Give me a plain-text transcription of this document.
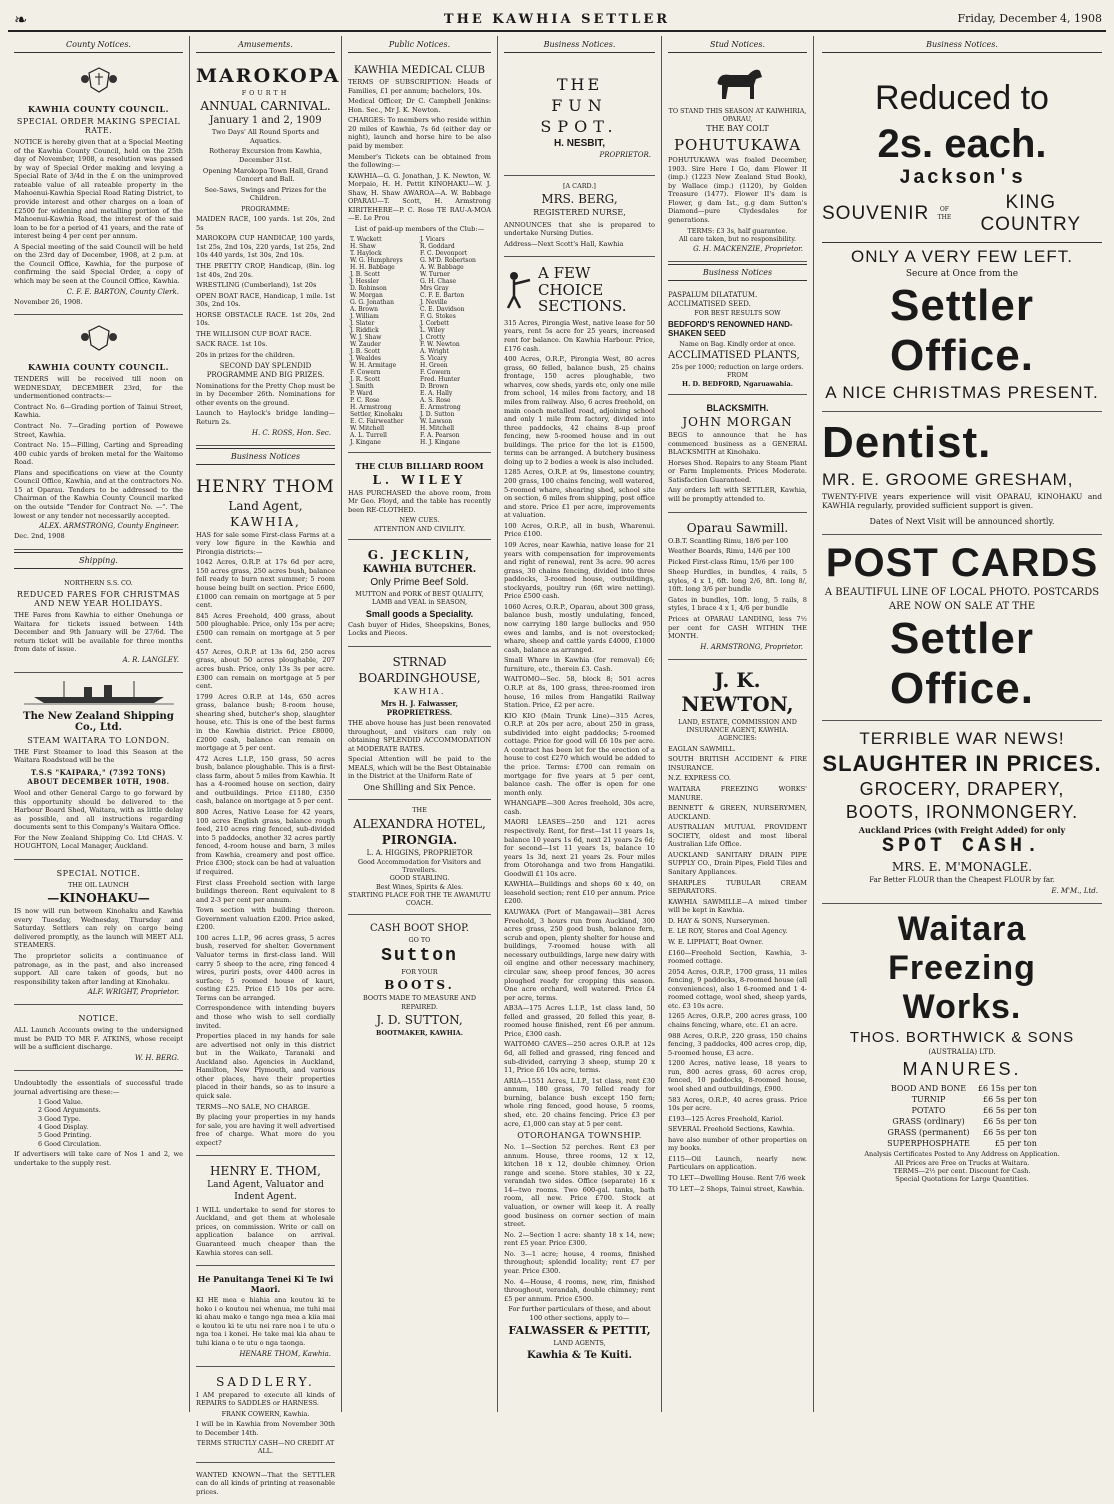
❧	THE KAWHIA SETTLER	Friday, December 4, 1908
County Notices.
KAWHIA COUNTY COUNCIL.
SPECIAL ORDER MAKING SPECIAL RATE.

NOTICE is hereby given that at a Special Meeting of the Kawhia County Council, held on the 25th day of November, 1908, a resolution was passed by way of Special Order making and levying a Special Rate of 3/4d in the £ on the unimproved rateable value of all rateable property in the Mahoenui-Kawhia Special Road Rating District, to provide interest and other charges on a loan of £2500 for widening and metalling portion of the Mahoenui-Kawhia Road, the interest of the said loan to be for a period of 41 years, and the rate of interest being 4 per cent per annum.

A Special meeting of the said Council will be held on the 23rd day of December, 1908, at 2 p.m. at the Council Office, Kawhia, for the purpose of confirming the said Special Order, a copy of which may be seen at the Council Office, Kawhia.

C. F. E. BARTON, County Clerk.

November 26, 1908.

KAWHIA COUNTY COUNCIL.

TENDERS will be received till noon on WEDNESDAY, DECEMBER 23rd, for the undermentioned contracts:—

Contract No. 6—Grading portion of Tainui Street, Kawhia.

Contract No. 7—Grading portion of Powewe Street, Kawhia.

Contract No. 15—Filling, Carting and Spreading 400 cubic yards of broken metal for the Waitomo Road.

Plans and specifications on view at the County Council Office, Kawhia, and at the contractors No. 15 at Oparau. Tenders to be addressed to the Chairman of the Kawhia County Council marked on the outside "Tender for Contract No. —". The lowest or any tender not necessarily accepted.

ALEX. ARMSTRONG, County Engineer.

Dec. 2nd, 1908

Shipping.
NORTHERN S.S. CO.
REDUCED FARES FOR CHRISTMAS AND NEW YEAR HOLIDAYS.

THE Fares from Kawhia to either Onehunga or Waitara for tickets issued between 14th December and 9th January will be 27/6d. The return ticket will be available for three months from date of issue.

A. R. LANGLEY.
The New Zealand Shipping Co., Ltd.
STEAM WAITARA TO LONDON.

THE First Steamer to load this Season at the Waitara Roadstead will be the

T.S.S "KAIPARA," (7392 TONS) ABOUT DECEMBER 10TH, 1908.

Wool and other General Cargo to go forward by this opportunity should be delivered to the Harbour Board Shed, Waitara, with as little delay as possible, and all instructions regarding documents sent to this Company's Waitara Office.

For the New Zealand Shipping Co. Ltd CHAS. V. HOUGHTON, Local Manager, Auckland.

SPECIAL NOTICE.
THE OIL LAUNCH
—KINOHAKU—

IS now will run between Kinohaku and Kawhia every Tuesday, Wednesday, Thursday and Saturday. Settlers can rely on cargo being delivered promptly, as the launch will MEET ALL STEAMERS.

The proprietor solicits a continuance of patronage, as in the past, and also increased support. All care taken of goods, but no responsibility taken after landing at Kinohaku.

ALF. WRIGHT, Proprietor.
NOTICE.

ALL Launch Accounts owing to the undersigned must be PAID TO MR F. ATKINS, whose receipt will be a sufficient discharge.

W. H. BERG.

Undoubtedly the essentials of successful trade journal advertising are these:—

1 Good Value.
2 Good Arguments.
3 Good Type.
4 Good Display.
5 Good Printing.
6 Good Circulation.

If advertisers will take care of Nos 1 and 2, we undertake to the supply rest.

Amusements.
MAROKOPA
FOURTH
ANNUAL CARNIVAL.
January 1 and 2, 1909

Two Days' All Round Sports and Aquatics.

Rotheray Excursion from Kawhia, December 31st.

Opening Marokopa Town Hall, Grand Concert and Ball.

See-Saws, Swings and Prizes for the Children.

PROGRAMME:

MAIDEN RACE, 100 yards. 1st 20s, 2nd 5s

MAROKOPA CUP HANDICAP, 100 yards, 1st 25s, 2nd 10s, 220 yards, 1st 25s, 2nd 10s 440 yards, 1st 30s, 2nd 10s.

THE PRETTY CROP, Handicap, (8in. log 1st 40s, 2nd 20s.

WRESTLING (Cumberland), 1st 20s

OPEN BOAT RACE, Handicap, 1 mile. 1st 30s, 2nd 10s.

HORSE OBSTACLE RACE. 1st 20s, 2nd 10s.

THE WILLISON CUP BOAT RACE.

SACK RACE. 1st 10s.

20s in prizes for the children.

SECOND DAY SPLENDID PROGRAMME AND BIG PRIZES.

Nominations for the Pretty Chop must be in by December 26th. Nominations for other events on the ground.

Launch to Haylock's bridge landing—Return 2s.

H. C. ROSS, Hon. Sec.
Business Notices
HENRY THOM
Land Agent,
KAWHIA,

HAS for sale some First-class Farms at a very low figure in the Kawhia and Pirongia districts:—

1042 Acres, O.R.P. at 17s 6d per acre, 150 acres grass, 250 acres bush, balance fell ready to burn next summer; 5 room house being built on section. Price £600, £1000 can remain on mortgage at 5 per cent.

845 Acres Freehold, 400 grass, about 500 ploughable. Price, only 15s per acre; £500 can remain on mortgage at 5 per cent.

457 Acres, O.R.P. at 13s 6d, 250 acres grass, about 50 acres ploughable, 207 acres bush. Price, only 13s 3s per acre. £300 can remain on mortgage at 5 per cent.

1799 Acres O.R.P. at 14s, 650 acres grass, balance bush; 8-room house, shearing shed, butcher's shop, slaughter house, etc. This is one of the best farms in the Kawhia district. Price £8000, £2000 cash, balance can remain on mortgage at 5 per cent.

472 Acres L.I.P., 150 grass, 50 acres bush, balance ploughable. This is a first-class farm, about 5 miles from Kawhia. It has a 4-roomed house on section, dairy and outbuildings. Price £1180, £350 cash, balance on mortgage at 5 per cent.

800 Acres, Native Lease for 42 years, 100 acres English grass, balance rough feed, 210 acres ring fenced, sub-divided into 5 paddocks, another 32 acres partly fenced, 4-room house and barn, 3 miles from Kawhia, creamery and post office. Price £300; stock can be had at valuation if required.

First class Freehold section with large buildings thereon. Rent equivalent to 8 and 2-3 per cent per annum.

Town section with building thereon. Government valuation £200. Price asked, £200.

100 acres L.I.P., 96 acres grass, 5 acres bush, reserved for shelter. Government Valuator terms in first-class land. Will carry 5 sheep to the acre, ring fenced 4 wires, puriri posts, over 4400 acres in surface; 5 roomed house of kauri, costing £25. Price £15 10s per acre. Terms can be arranged.

Correspondence with intending buyers and those who wish to sell cordially invited.

Properties placed in my hands for sale are advertised not only in this district but in the Waikato, Taranaki and Auckland also. Agencies in Auckland, Hamilton, New Plymouth, and various other places, have their properties placed in their hands, so as to insure a quick sale.

TERMS—NO SALE, NO CHARGE.

By placing your properties in my hands for sale, you are having it well advertised free of charge. What more do you expect?

HENRY E. THOM,
Land Agent, Valuator and Indent Agent.

I WILL undertake to send for stores to Auckland, and get them at wholesale prices, on commission. Write or call on application balance on arrival. Guaranteed much cheaper than the Kawhia stores can sell.

He Panuitanga Tenei Ki Te Iwi Maori.

KI HE mea e hiahia ana koutou ki te hoko i o koutou nei whenua, me tuhi mai ki ahau mako e tango nga mea a kiia mai e koutou ki te utu nei rare noa i te utu o nga toa i konei. He take mai kia ahau te tuhi kiana o te utu o nga taonga.

HENARE THOM, Kawhia.
SADDLERY.

I AM prepared to execute all kinds of REPAIRS to SADDLES or HARNESS.

FRANK COWERN, Kawhia.

I will be in Kawhia from November 30th to December 14th.

TERMS STRICTLY CASH—NO CREDIT AT ALL.

WANTED KNOWN—That the SETTLER can do all kinds of printing at reasonable prices.

Public Notices.
KAWHIA MEDICAL CLUB

TERMS OF SUBSCRIPTION: Heads of Families, £1 per annum; bachelors, 10s.

Medical Officer, Dr C. Campbell Jenkins: Hon. Sec., Mr J. K. Newton.

CHARGES: To members who reside within 20 miles of Kawhia, 7s 6d (either day or night), launch and horse hire to be also paid by member.

Member's Tickets can be obtained from the following:—

KAWHIA—G. G. Jonathan, J. K. Newton, W. Morpaio, H. H. Pettit KINOHAKU—W. J. Shaw, H. Shaw AWAROA—A. W. Babbage OPARAU—T. Scott, H. Armstrong KIRITEHERE—P. C. Rose TE RAU-A-MOA—E. Le Prou

List of paid-up members of the Club:—

T. Wackett
H. Shaw
T. Haylock
W. G. Humphreys
H. H. Babbage
J. B. Scott
J. Hessler
D. Robinson
W. Morgan
G. G. Jonathan
A. Brown
J. William
J. Slater
J. Riddick
W. J. Shaw
W. Zauder
J. B. Scott
J. Wealdes
W. H. Armitage
F. Cowern
J. R. Scott
J. Smith
P. Ward
P. C. Rose
H. Armstrong
Settler, Kinohaku
E. C. Fairweather
W. Mitchell
A. L. Turrell
J. Kingane

J. Vicars
R. Goddard
F. C. Devonport
G. M'D. Robertson
A. W. Babbage
W. Turner
G. H. Chase
Mrs Gray
C. F. E. Barton
J. Neville
C. E. Davidson
F. G. Stokes
J. Corbett
L. Wiley
J. Crotty
F. W. Newton
A. Wright
S. Vicary
H. Green
F. Cowern
Fred. Hunter
D. Brown
E. A. Hally
A. S. Rose
E. Armstrong
J. D. Sutton
W. Lawson
H. Mitchell
F. A. Pearson
H. J. Kingane
THE CLUB BILLIARD ROOM
L. WILEY

HAS PURCHASED the above room, from Mr Geo. Floyd, and the table has recently been RE-CLOTHED.

NEW CUES.
ATTENTION AND CIVILITY.
G. JECKLIN,
KAWHIA BUTCHER.
Only Prime Beef Sold.
MUTTON and PORK of BEST QUALITY,
LAMB and VEAL in SEASON,
Small goods a Speciality.

Cash buyer of Hides, Sheepskins, Bones, Locks and Pieces.

STRNAD
BOARDINGHOUSE,
KAWHIA.
Mrs H. J. Falwasser, PROPRIETRESS.

THE above house has just been renovated throughout, and visitors can rely on obtaining SPLENDID ACCOMMODATION at MODERATE RATES.

Special Attention will be paid to the MEALS, which will be the Best Obtainable in the District at the Uniform Rate of

One Shilling and Six Pence.
THE
ALEXANDRA HOTEL,
PIRONGIA.
L. A. HIGGINS, PROPRIETOR
Good Accommodation for Visitors and Travellers.
GOOD STABLING.
Best Wines, Spirits & Ales.
STARTING PLACE FOR THE TE AWAMUTU COACH.
CASH BOOT SHOP.
GO TO
Sutton
FOR YOUR
BOOTS.
BOOTS MADE TO MEASURE AND REPAIRED.
J. D. SUTTON,
BOOTMAKER, KAWHIA.
Business Notices.
THE
FUN
SPOT.
H. NESBIT,
PROPRIETOR.
[A CARD.]
MRS. BERG,
REGISTERED NURSE,

ANNOUNCES that she is prepared to undertake Nursing Duties.

Address—Next Scott's Hall, Kawhia

A FEW CHOICE SECTIONS.

315 Acres, Pirongia West, native lease for 50 years, rent 5s acre for 25 years, increased rent for balance. On Kawhia Harbour. Price, £176 cash.

400 Acres, O.R.P., Pirongia West, 80 acres grass, 60 felled, balance bush, 25 chains frontage, 150 acres ploughable, two wharves, cow sheds, yards etc, only one mile from school, 14 miles from factory, and 18 miles from railway. Also, 6 acres freehold, on main coach metalled road, adjoining school and only 1 mile from factory, divided into three paddocks, 42 chains 8-up proof fencing, new 5-roomed house and in out buildings. The price for the lot is £1500, terms can be arranged. A butchery business doing up to 2 bodies a week is also included.

1285 Acres, O.R.P. at 9s, limestone country, 200 grass, 100 chains fencing, well watered, 5-roomed whare, shearing shed, school site on section, 6 miles from shipping, post office and store. Price £1 per acre, improvements at valuation.

100 Acres, O.R.P., all in bush, Wharenui. Price £100.

109 Acres, near Kawhia, native lease for 21 years with compensation for improvements and right of renewal, rent 3s acre. 90 acres grass, 30 chains fencing, divided into three paddocks, 3-roomed house, outbuildings, stockyards, poultry run (6ft wire netting). Price £500 cash.

1060 Acres, O.R.P., Oparau, about 300 grass, balance bush, mostly undulating, fenced, now carrying 180 large bullocks and 950 ewes and lambs, and is not overstocked; whare, sheep and cattle yards £4000, £1000 cash, balance as arranged.

Small Whare in Kawhia (for removal) £6; furniture, etc., therein £3. Cash.

WAITOMO—Sec. 58, block 8; 501 acres O.R.P. at 8s, 100 grass, three-roomed iron house, 16 miles from Hangatiki Railway Station. Price, £2 per acre.

KIO KIO (Main Trunk Line)—315 Acres, O.R.P. at 20s per acre, about 250 in grass, subdivided into eight paddocks; 5-roomed cottage. Price for good will £6 10s per acre. A contract has been let for the erection of a house to cost £270 which would be added to the price. Terms: £700 can remain on mortgage for five years at 5 per cent, balance cash. The offer is open for one month only.

WHANGAPE—300 Acres freehold, 30s acre, cash.

MAORI LEASES—250 and 121 acres respectively. Rent, for first—1st 11 years 1s, balance 10 years 1s 6d, next 21 years 2s 6d; for second—1st 11 years 1s, balance 10 years 1s 3d, next 21 years 2s. Four miles from Otorohanga and two from Hangatiki. Goodwill £1 10s acre.

KAWHIA—Buildings and shops 60 x 40, on leasehold section; rent £10 per annum. Price £200.

KAUWAKA (Port of Mangawai)—381 Acres Freehold, 3 hours run from Auckland, 300 acres grass, 250 good bush, balance fern, scrub and open, plenty shelter for house and buildings, 7-roomed house with all necessary outbuildings, large new dairy with oil engine and other necessary machinery, circular saw, sheep proof fences, 30 acres ploughed ready for cropping this season. One acre orchard, well watered. Price £4 per acre, terms.

AB3A—175 Acres L.I.P., 1st class land, 50 felled and grassed, 20 felled this year, 8-roomed house finished, rent £6 per annum. Price, £300 cash.

WAITOMO CAVES—250 acres O.R.P. at 12s 6d, all felled and grassed, ring fenced and sub-divided, carrying 3 sheep, stump 20 x 11, Price £6 10s acre, terms.

ARIA—1551 Acres, L.I.P., 1st class, rent £30 annum, 180 grass, 70 felled ready for burning, balance bush except 150 fern; whole ring fenced, good house, 5 rooms, shed, etc. 20 chains fencing. Price £3 per acre, £1,000 can stay at 5 per cent.

OTOROHANGA TOWNSHIP.

No. 1—Section 52 perches. Rent £3 per annum. House, three rooms, 12 x 12, kitchen 18 x 12, double chimney. Orion range and scene. Store stables, 30 x 22, verandah two sides. Office (separate) 16 x 14—two rooms. Two 600-gal. tanks, bath room, all new. Price £700. Stock at valuation, or owner will keep it. A really good business on corner section of main street.

No. 2—Section 1 acre: shanty 18 x 14, new; rent £5 year. Price £300.

No. 3—1 acre; house, 4 rooms, finished throughout; splendid locality; rent £7 per year. Price £300.

No. 4—House, 4 rooms, new, rim, finished throughout, verandah, double chimney; rent £5 per annum. Price £500.

For further particulars of these, and about 100 other sections, apply to—

FALWASSER & PETTIT,
LAND AGENTS,
Kawhia & Te Kuiti.
Stud Notices.
TO STAND THIS SEASON AT KAIWHIRIA, OPARAU,
THE BAY COLT
POHUTUKAWA

POHUTUKAWA was foaled December, 1903. Sire Here I Go, dam Flower II (imp.) (1223 New Zealand Stud Book), by Wallace (imp.) (1120), by Golden Treasure (1477). Flower II's dam is Flower, g dam Ist., g.g dam Sutton's Diamond—pure Clydesdales for generations.

TERMS: £3 3s, half guarantee.
All care taken, but no responsibility.
G. H. MACKENZIE, Proprietor.
Business Notices
PASPALUM DILATATUM. ACCLIMATISED SEED.
FOR BEST RESULTS SOW
BEDFORD'S RENOWNED HAND-SHAKEN SEED
Name on Bag. Kindly order at once.
ACCLIMATISED PLANTS,
25s per 1000; reduction on large orders.
FROM
H. D. BEDFORD, Ngaruawahia.
BLACKSMITH.
JOHN MORGAN

BEGS to announce that he has commenced business as a GENERAL BLACKSMITH at Kinohaku.

Horses Shod. Repairs to any Steam Plant or Farm Implements. Prices Moderate. Satisfaction Guaranteed.

Any orders left with SETTLER, Kawhia, will be promptly attended to.

Oparau Sawmill.

O.B.T. Scantling Rimu, 18/6 per 100

Weather Boards, Rimu, 14/6 per 100

Picked First-class Rimu, 15/6 per 100

Sheep Hurdles, in bundles, 4 rails, 5 styles, 4 x 1, 6ft. long 2/6, 8ft. long 8/, 10ft. long 3/6 per bundle

Gates in bundles, 10ft. long, 5 rails, 8 styles, 1 brace 4 x 1, 4/6 per bundle

Prices at OPARAU LANDING, less 7½ per cent for CASH WITHIN THE MONTH.

H. ARMSTRONG, Proprietor.
J. K. NEWTON,
LAND, ESTATE, COMMISSION AND INSURANCE AGENT, KAWHIA.
AGENCIES:

EAGLAN SAWMILL.

SOUTH BRITISH ACCIDENT & FIRE INSURANCE.

N.Z. EXPRESS CO.

WAITARA FREEZING WORKS' MANURE.

BENNETT & GREEN, NURSERYMEN, AUCKLAND.

AUSTRALIAN MUTUAL PROVIDENT SOCIETY, oldest and most liberal Australian Life Office.

AUCKLAND SANITARY DRAIN PIPE SUPPLY CO., Drain Pipes, Field Tiles and Sanitary Appliances.

SHARPLES TUBULAR CREAM SEPARATORS.

KAWHIA SAWMILLE—A mixed timber will be kept in Kawhia.

D. HAY & SONS, Nurserymen.

E. LE ROY, Stores and Coal Agency.

W. E. LIPPIATT, Boat Owner.

£160—Freehold Section, Kawhia, 3-roomed cottage.

2054 Acres, O.R.P., 1700 grass, 11 miles fencing, 9 paddocks, 8-roomed house (all conveniences), also 1 6-roomed and 1 4-roomed cottage, wool shed, sheep yards, etc. £3 10s acre.

1265 Acres, O.R.P., 200 acres grass, 100 chains fencing, whare, etc. £1 an acre.

988 Acres, O.R.P., 220 grass, 150 chains fencing, 3 paddocks, 400 acres crop, dip, 5-roomed house, £3 acre.

1200 Acres, native lease, 18 years to run, 800 acres grass, 60 acres crop, fenced, 10 paddocks, 8-roomed house, wool shed and outbuildings, £900.

583 Acres, O.R.P., 40 acres grass. Price 10s per acre.

£193—125 Acres Freehold, Kariol.

SEVERAL Freehold Sections, Kawhia.

have also number of other properties on my books.

£115—Oil Launch, nearly new. Particulars on application.

TO LET—Dwelling House. Rent 7/6 week

TO LET—2 Shops, Tainui street, Kawhia.

Business Notices.
Reduced to
2s. each.
Jackson's
SOUVENIR	OF THE
KING COUNTRY
ONLY A VERY FEW LEFT.
Secure at Once from the
Settler Office.
A NICE CHRISTMAS PRESENT.
Dentist.
MR. E. GROOME GRESHAM,

TWENTY-FIVE years experience will visit OPARAU, KINOHAKU and KAWHIA regularly, provided sufficient support is given.

Dates of Next Visit will be announced shortly.
POST CARDS
A BEAUTIFUL LINE OF LOCAL PHOTO. POSTCARDS ARE NOW ON SALE AT THE
Settler Office.
TERRIBLE WAR NEWS!
SLAUGHTER IN PRICES.
GROCERY, DRAPERY,
BOOTS, IRONMONGERY.
Auckland Prices (with Freight Added) for only
SPOT CASH.
MRS. E. M'MONAGLE.
Far Better FLOUR than the Cheapest FLOUR by far.
E. M'M., Ltd.
Waitara Freezing
Works.
THOS. BORTHWICK & SONS
(AUSTRALIA) LTD.
MANURES.
BOOD AND BONE	£6 15s per ton
TURNIP	£6 5s per ton
POTATO	£6 5s per ton
GRASS (ordinary)	£6 5s per ton
GRASS (permanent)	£6 5s per ton
SUPERPHOSPHATE	£5 per ton
Analysis Certificates Posted to Any Address on Application.
All Prices are Free on Trucks at Waitara.
TERMS—2½ per cent. Discount for Cash.
Special Quotations for Large Quantities.
